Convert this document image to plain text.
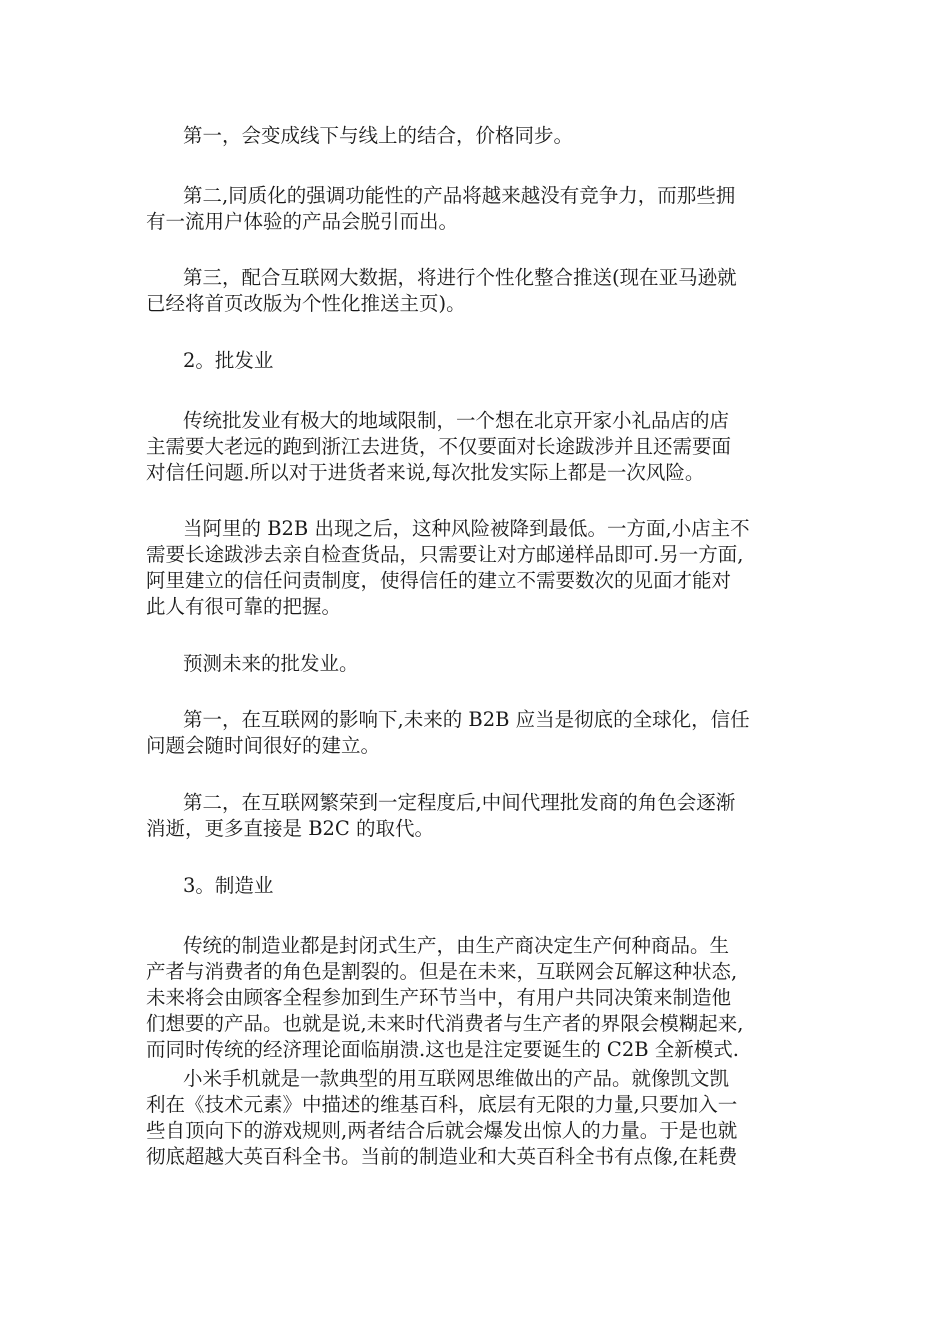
第一，会变成线下与线上的结合，价格同步。
第二,同质化的强调功能性的产品将越来越没有竞争力，而那些拥
有一流用户体验的产品会脱引而出。
第三，配合互联网大数据，将进行个性化整合推送(现在亚马逊就
已经将首页改版为个性化推送主页)。
2。批发业
传统批发业有极大的地域限制，一个想在北京开家小礼品店的店
主需要大老远的跑到浙江去进货，不仅要面对长途跋涉并且还需要面
对信任问题.所以对于进货者来说,每次批发实际上都是一次风险。
当阿里的 B2B 出现之后，这种风险被降到最低。一方面,小店主不
需要长途跋涉去亲自检查货品，只需要让对方邮递样品即可.另一方面,
阿里建立的信任问责制度，使得信任的建立不需要数次的见面才能对
此人有很可靠的把握。
预测未来的批发业。
第一，在互联网的影响下,未来的 B2B 应当是彻底的全球化，信任
问题会随时间很好的建立。
第二，在互联网繁荣到一定程度后,中间代理批发商的角色会逐渐
消逝，更多直接是 B2C 的取代。
3。制造业
传统的制造业都是封闭式生产，由生产商决定生产何种商品。生
产者与消费者的角色是割裂的。但是在未来，互联网会瓦解这种状态,
未来将会由顾客全程参加到生产环节当中，有用户共同决策来制造他
们想要的产品。也就是说,未来时代消费者与生产者的界限会模糊起来,
而同时传统的经济理论面临崩溃.这也是注定要诞生的 C2B 全新模式.
小米手机就是一款典型的用互联网思维做出的产品。就像凯文凯
利在《技术元素》中描述的维基百科，底层有无限的力量,只要加入一
些自顶向下的游戏规则,两者结合后就会爆发出惊人的力量。于是也就
彻底超越大英百科全书。当前的制造业和大英百科全书有点像,在耗费
